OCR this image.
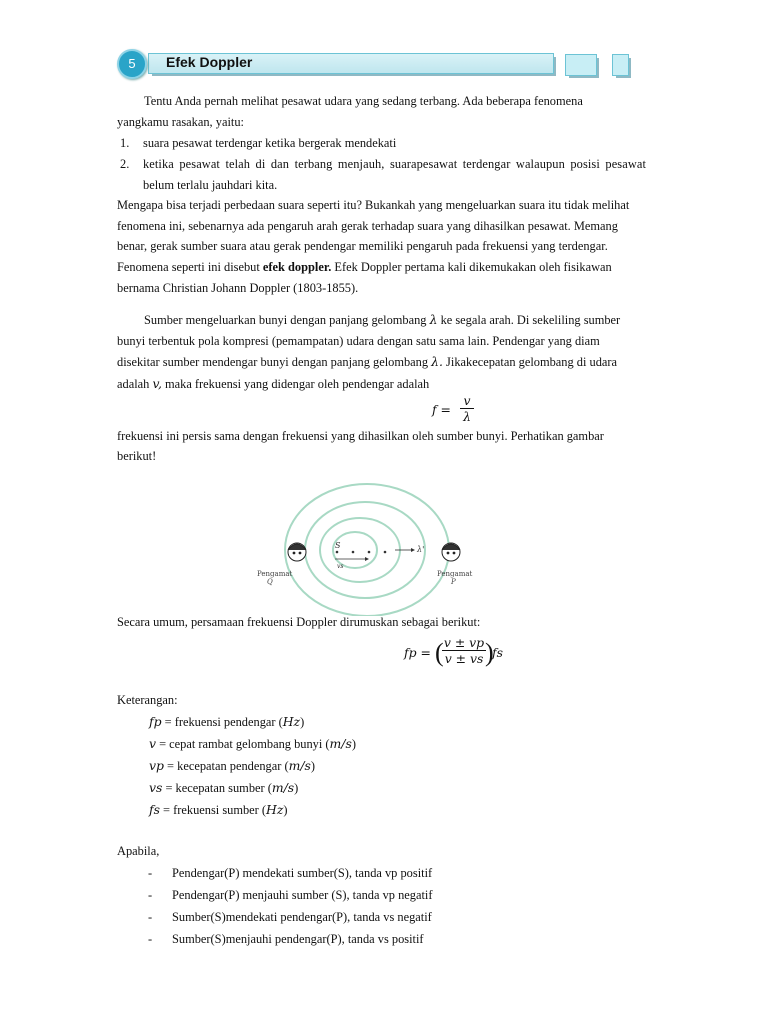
5	Efek Doppler
Tentu Anda pernah melihat pesawat udara yang sedang terbang. Ada beberapa fenomena
yangkamu rasakan, yaitu:
1. suara pesawat terdengar ketika bergerak mendekati
2. ketika pesawat telah di dan terbang menjauh, suarapesawat terdengar walaupun posisi pesawat
belum terlalu jauhdari kita.
Mengapa bisa terjadi perbedaan suara seperti itu? Bukankah yang mengeluarkan suara itu tidak melihat
fenomena ini, sebenarnya ada pengaruh arah gerak terhadap suara yang dihasilkan pesawat. Memang
benar, gerak sumber suara atau gerak pendengar memiliki pengaruh pada frekuensi yang terdengar.
Fenomena seperti ini disebut efek doppler. Efek Doppler pertama kali dikemukakan oleh fisikawan
bernama Christian Johann Doppler (1803-1855).
Sumber mengeluarkan bunyi dengan panjang gelombang λ ke segala arah. Di sekeliling sumber
bunyi terbentuk pola kompresi (pemampatan) udara dengan satu sama lain. Pendengar yang diam
disekitar sumber mendengar bunyi dengan panjang gelombang λ. Jikakecepatan gelombang di udara
adalah v, maka frekuensi yang didengar oleh pendengar adalah
f =
v
λ
frekuensi ini persis sama dengan frekuensi yang dihasilkan oleh sumber bunyi. Perhatikan gambar
berikut!
S
vs
λ'
Pengamat
Q
Pengamat
P
Secara umum, persamaan frekuensi Doppler dirumuskan sebagai berikut:
fp = ( v ± vp
v ± vs )
fs
Keterangan:
fp = frekuensi pendengar (Hz)
v = cepat rambat gelombang bunyi (m/s)
vp = kecepatan pendengar (m/s)
vs = kecepatan sumber (m/s)
fs = frekuensi sumber (Hz)
Apabila,
- Pendengar(P) mendekati sumber(S), tanda vp positif
- Pendengar(P) menjauhi sumber (S), tanda vp negatif
- Sumber(S)mendekati pendengar(P), tanda vs negatif
- Sumber(S)menjauhi pendengar(P), tanda vs positif
